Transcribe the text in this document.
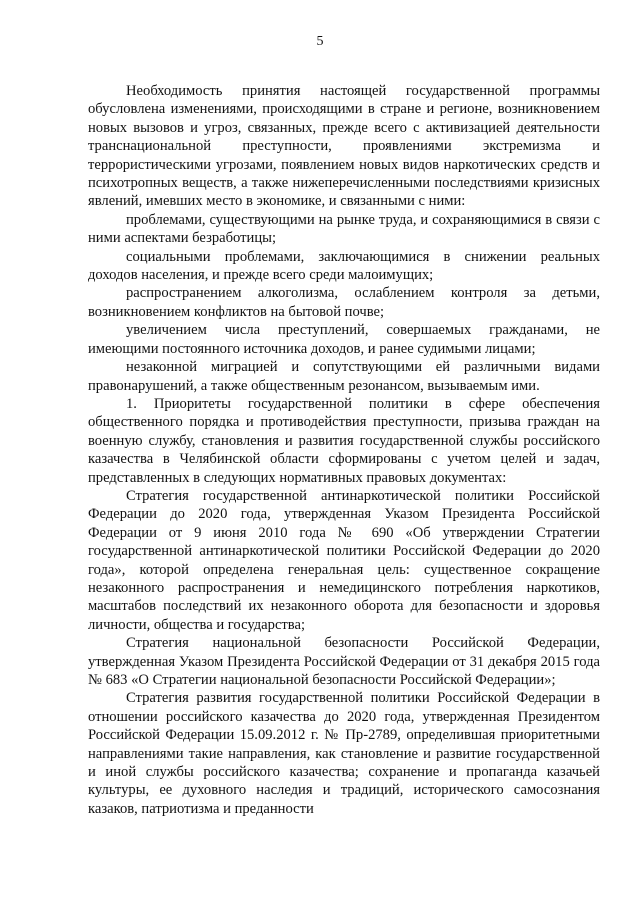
5

Необходимость принятия настоящей государственной программы обусловлена изменениями, происходящими в стране и регионе, возникновением новых вызовов и угроз, связанных, прежде всего с активизацией деятельности транснациональной преступности, проявлениями экстремизма и террористическими угрозами, появлением новых видов наркотических средств и психотропных веществ, а также нижеперечисленными последствиями кризисных явлений, имевших место в экономике, и связанными с ними:

проблемами, существующими на рынке труда, и сохраняющимися в связи с ними аспектами безработицы;

социальными проблемами, заключающимися в снижении реальных доходов населения, и прежде всего среди малоимущих;

распространением алкоголизма, ослаблением контроля за детьми, возникновением конфликтов на бытовой почве;

увеличением числа преступлений, совершаемых гражданами, не имеющими постоянного источника доходов, и ранее судимыми лицами;

незаконной миграцией и сопутствующими ей различными видами правонарушений, а также общественным резонансом, вызываемым ими.

1. Приоритеты государственной политики в сфере обеспечения общественного порядка и противодействия преступности, призыва граждан на военную службу, становления и развития государственной службы российского казачества в Челябинской области сформированы с учетом целей и задач, представленных в следующих нормативных правовых документах:

Стратегия государственной антинаркотической политики Российской Федерации до 2020 года, утвержденная Указом Президента Российской Федерации от 9 июня 2010 года № 690 «Об утверждении Стратегии государственной антинаркотической политики Российской Федерации до 2020 года», которой определена генеральная цель: существенное сокращение незаконного распространения и немедицинского потребления наркотиков, масштабов последствий их незаконного оборота для безопасности и здоровья личности, общества и государства;

Стратегия национальной безопасности Российской Федерации, утвержденная Указом Президента Российской Федерации от 31 декабря 2015 года № 683 «О Стратегии национальной безопасности Российской Федерации»;

Стратегия развития государственной политики Российской Федерации в отношении российского казачества до 2020 года, утвержденная Президентом Российской Федерации 15.09.2012 г. № Пр-2789, определившая приоритетными направлениями такие направления, как становление и развитие государственной и иной службы российского казачества; сохранение и пропаганда казачьей культуры, ее духовного наследия и традиций, исторического самосознания казаков, патриотизма и преданности
